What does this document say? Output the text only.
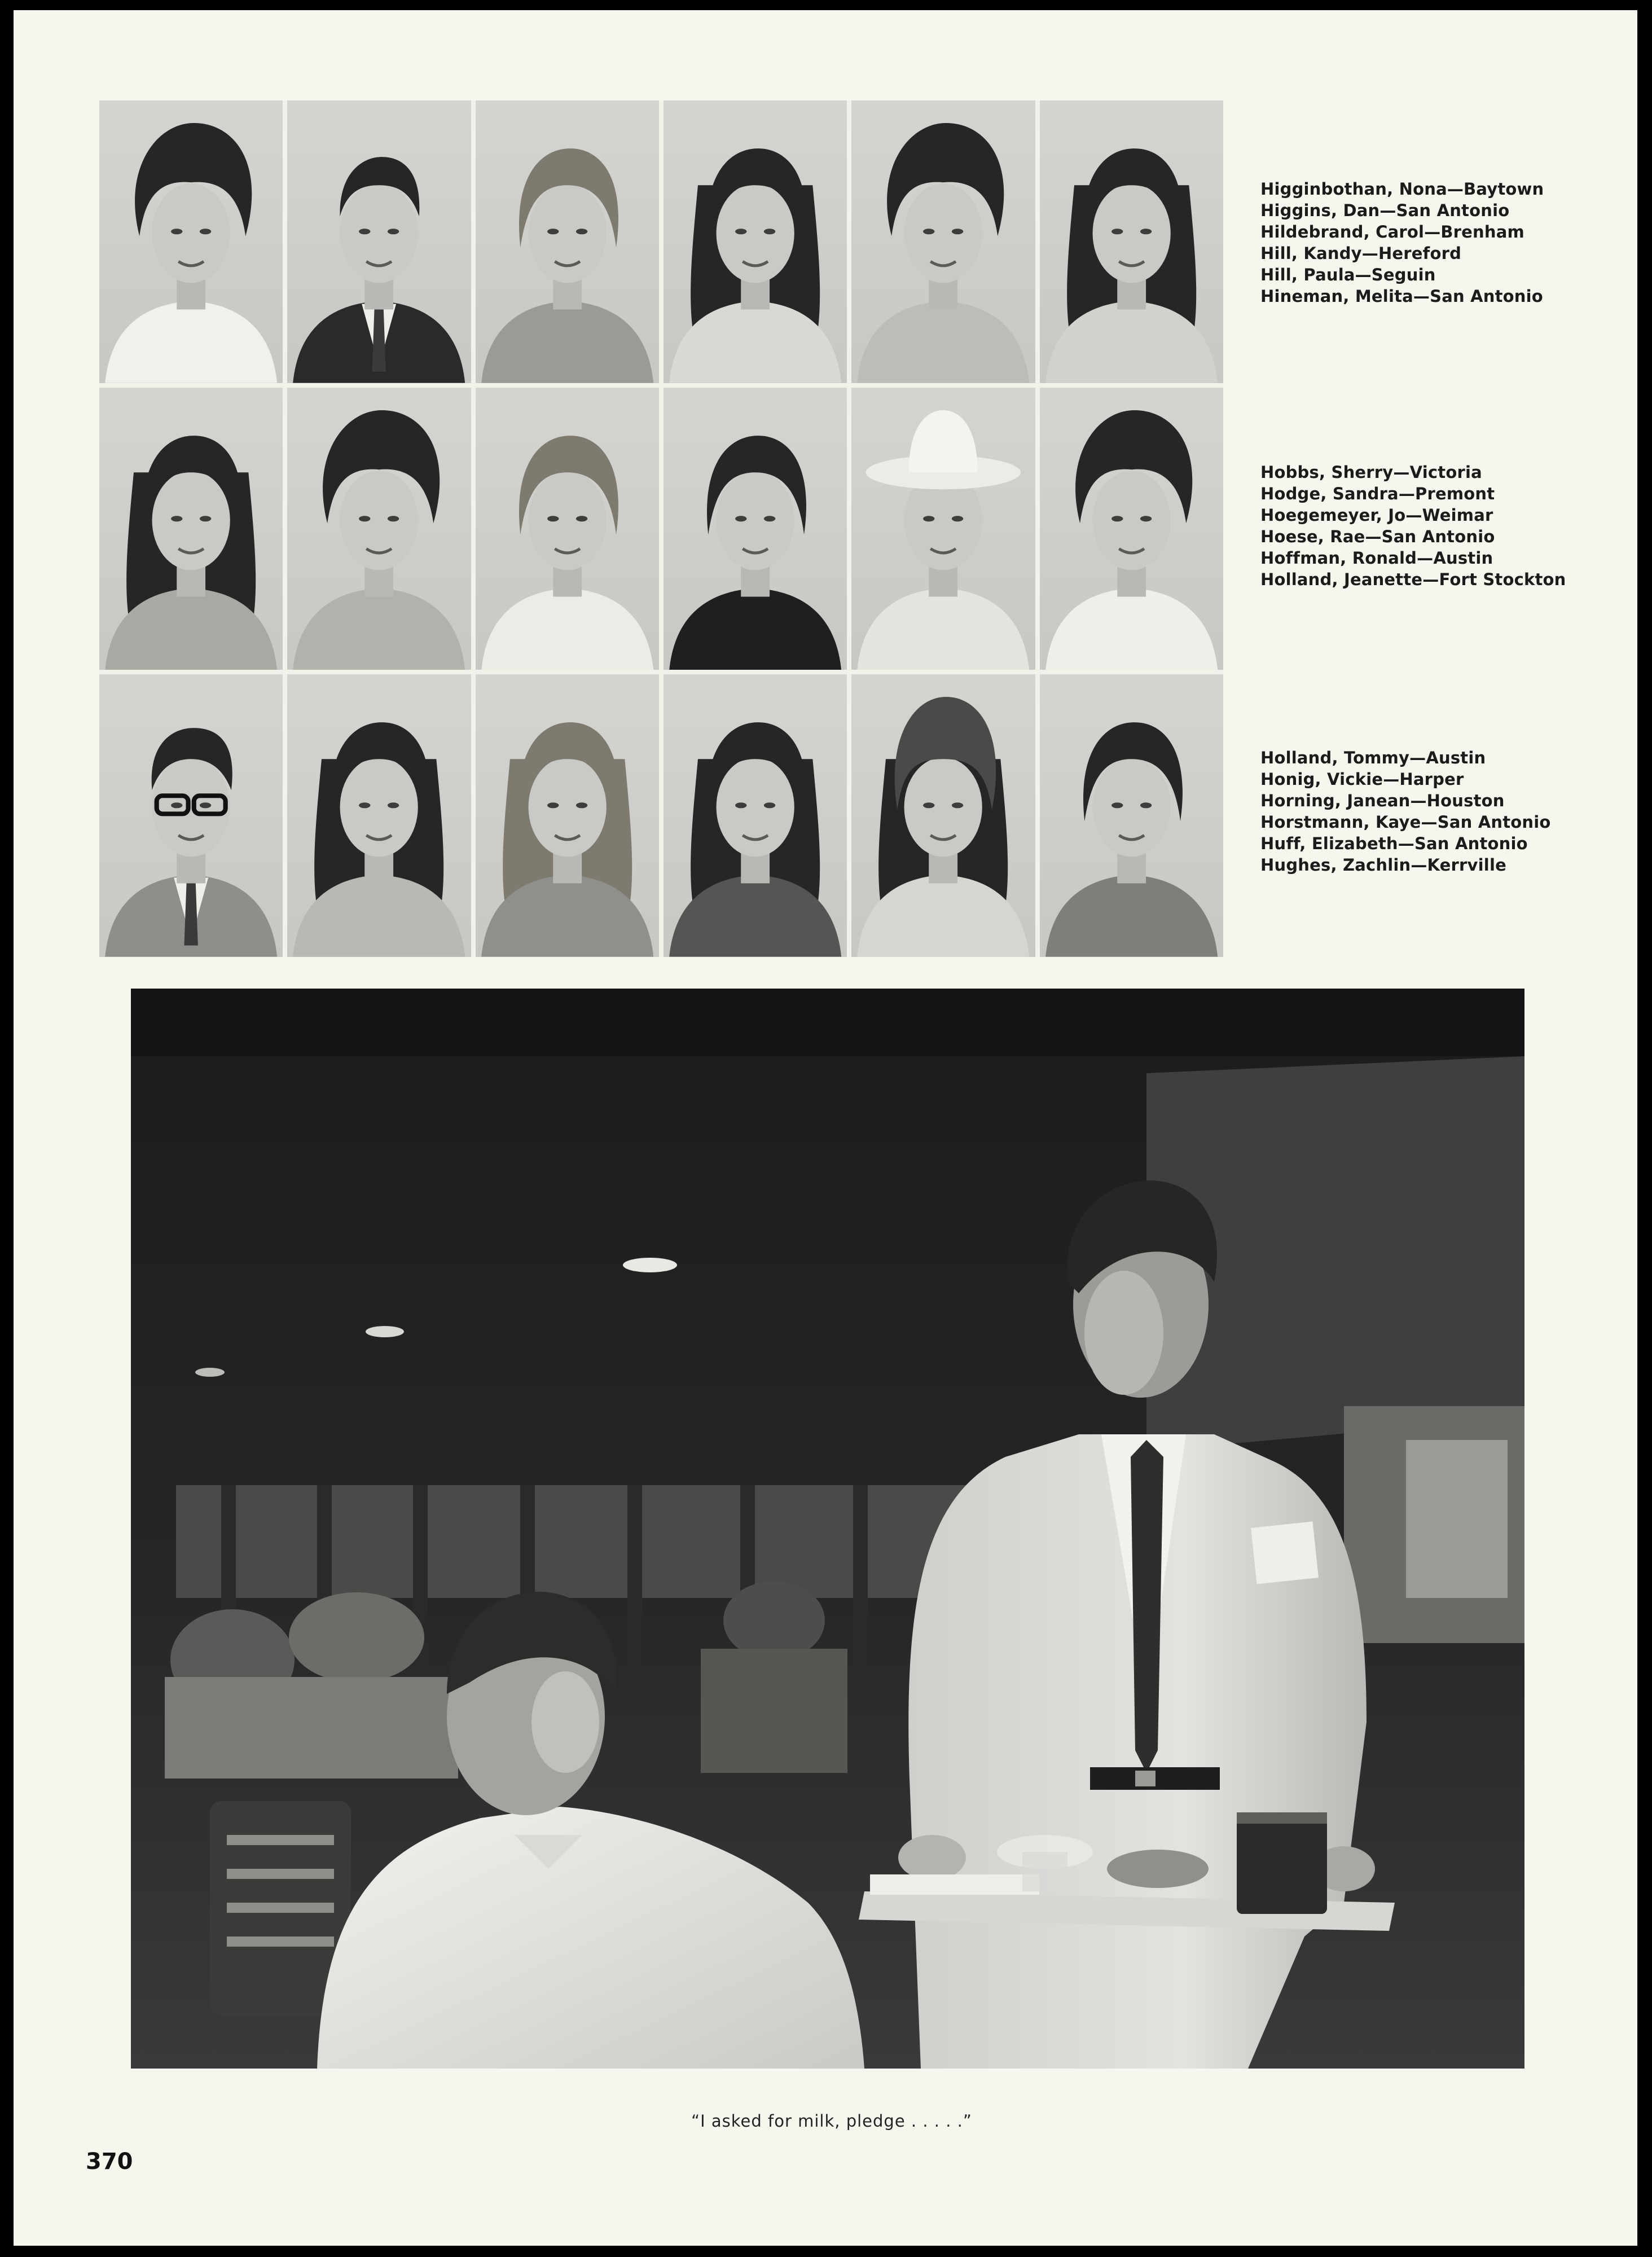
Higginbothan, Nona—Baytown
Higgins, Dan—San Antonio
Hildebrand, Carol—Brenham
Hill, Kandy—Hereford
Hill, Paula—Seguin
Hineman, Melita—San Antonio
Hobbs, Sherry—Victoria
Hodge, Sandra—Premont
Hoegemeyer, Jo—Weimar
Hoese, Rae—San Antonio
Hoffman, Ronald—Austin
Holland, Jeanette—Fort Stockton
Holland, Tommy—Austin
Honig, Vickie—Harper
Horning, Janean—Houston
Horstmann, Kaye—San Antonio
Huff, Elizabeth—San Antonio
Hughes, Zachlin—Kerrville
“I asked for milk, pledge . . . . .”
370
